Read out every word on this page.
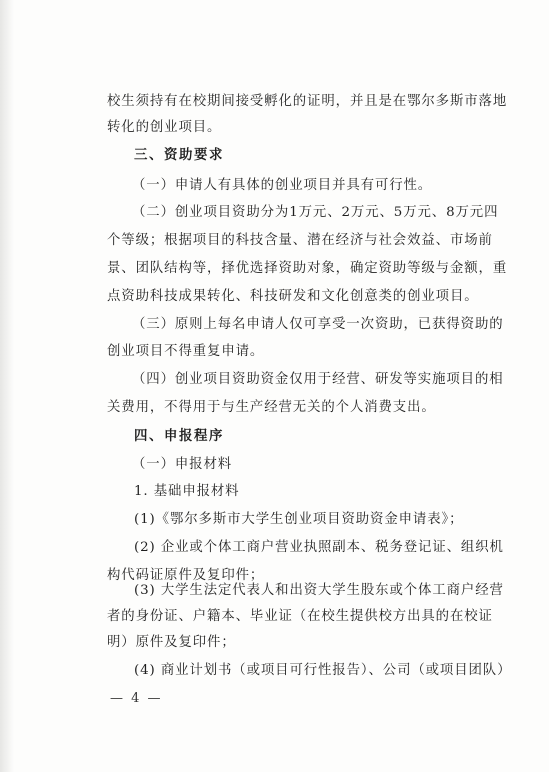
校生须持有在校期间接受孵化的证明，并且是在鄂尔多斯市落地
转化的创业项目。
三、资助要求
（一）申请人有具体的创业项目并具有可行性。
（二）创业项目资助分为1万元、2万元、5万元、8万元四
个等级；根据项目的科技含量、潜在经济与社会效益、市场前
景、团队结构等，择优选择资助对象，确定资助等级与金额，重
点资助科技成果转化、科技研发和文化创意类的创业项目。
（三）原则上每名申请人仅可享受一次资助，已获得资助的
创业项目不得重复申请。
（四）创业项目资助资金仅用于经营、研发等实施项目的相
关费用，不得用于与生产经营无关的个人消费支出。
四、申报程序
（一）申报材料
1. 基础申报材料
(1)《鄂尔多斯市大学生创业项目资助资金申请表》；
(2) 企业或个体工商户营业执照副本、税务登记证、组织机
构代码证原件及复印件；
(3) 大学生法定代表人和出资大学生股东或个体工商户经营
者的身份证、户籍本、毕业证（在校生提供校方出具的在校证
明）原件及复印件；
(4) 商业计划书（或项目可行性报告）、公司（或项目团队）
— 4 —
